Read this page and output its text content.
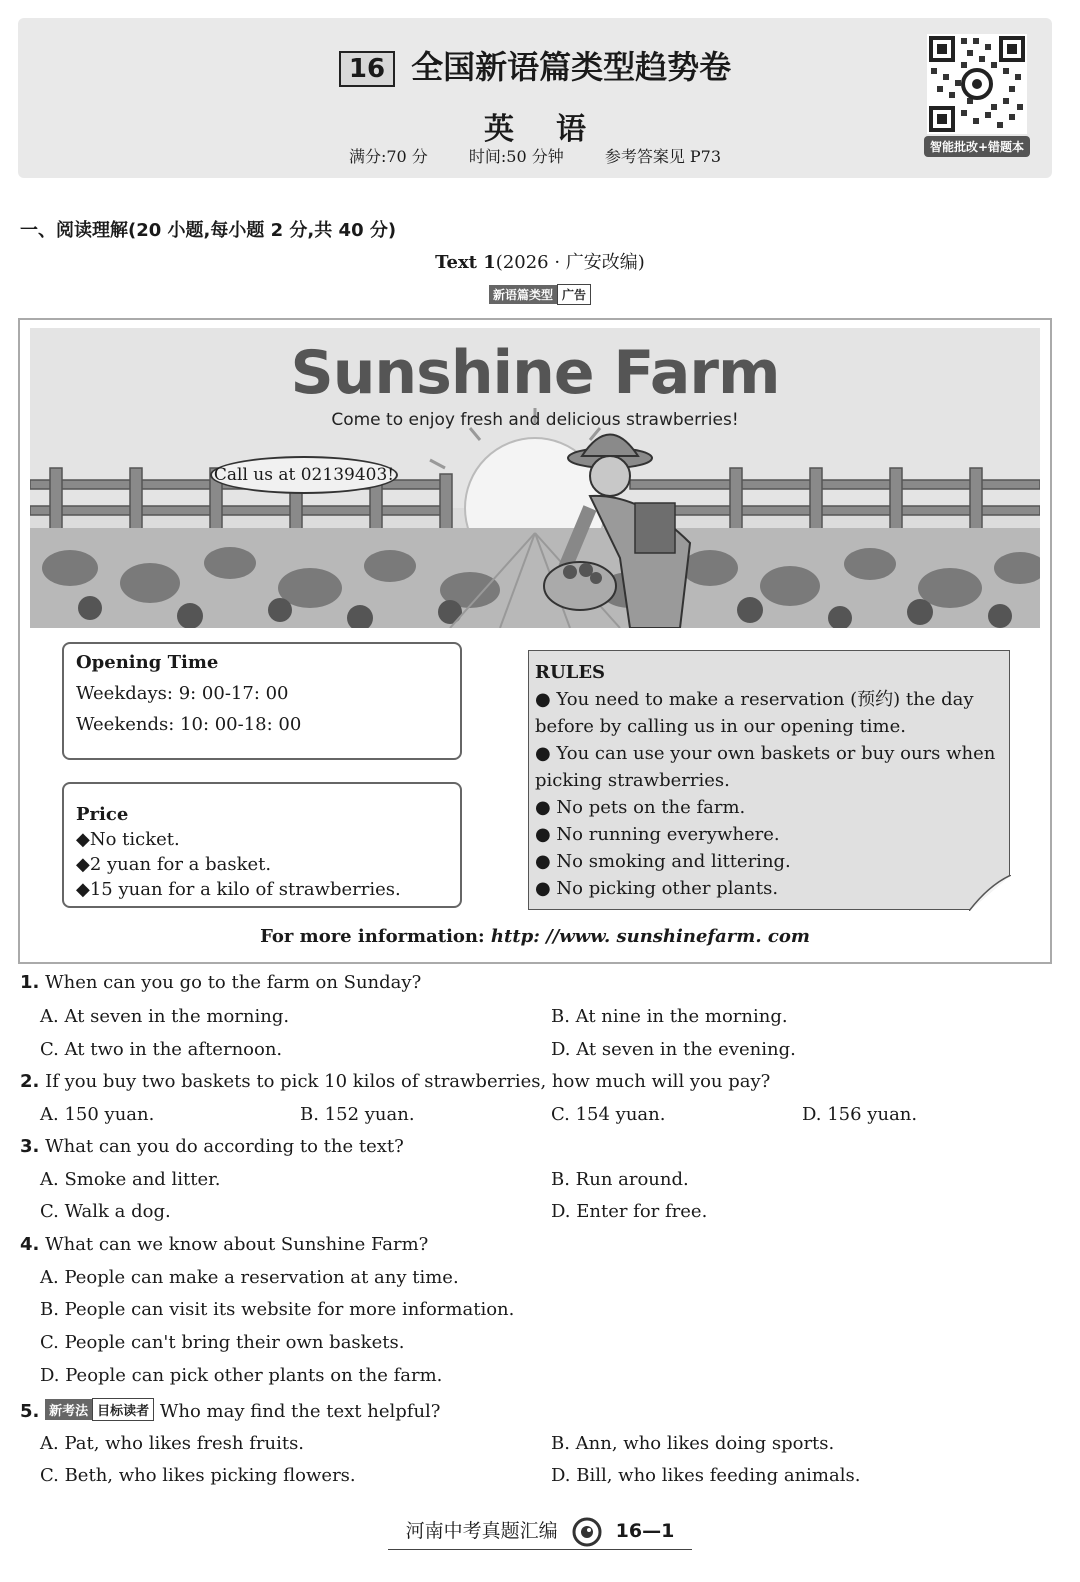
16 全国新语篇类型趋势卷
英语
满分:70 分	时间:50 分钟	参考答案见 P73	智能批改+错题本
一、阅读理解(20 小题,每小题 2 分,共 40 分)
Text 1(2026 · 广安改编)
新语篇类型 广告
Sunshine Farm
Come to enjoy fresh and delicious strawberries!
Call us at 02139403!
Opening Time
Weekdays: 9: 00-17: 00
Weekends: 10: 00-18: 00
Price
◆No ticket.
◆2 yuan for a basket.
◆15 yuan for a kilo of strawberries.
RULES
● You need to make a reservation (预约) the day before by calling us in our opening time.
● You can use your own baskets or buy ours when picking strawberries.
● No pets on the farm.
● No running everywhere.
● No smoking and littering.
● No picking other plants.
For more information: http: //www. sunshinefarm. com
1. When can you go to the farm on Sunday?
A. At seven in the morning.	B. At nine in the morning.
C. At two in the afternoon.	D. At seven in the evening.
2. If you buy two baskets to pick 10 kilos of strawberries, how much will you pay?
A. 150 yuan.	B. 152 yuan.	C. 154 yuan.	D. 156 yuan.
3. What can you do according to the text?
A. Smoke and litter.	B. Run around.
C. Walk a dog.	D. Enter for free.
4. What can we know about Sunshine Farm?
A. People can make a reservation at any time.
B. People can visit its website for more information.
C. People can't bring their own baskets.
D. People can pick other plants on the farm.
5. 新考法 目标读者 Who may find the text helpful?
A. Pat, who likes fresh fruits.	B. Ann, who likes doing sports.
C. Beth, who likes picking flowers.	D. Bill, who likes feeding animals.
河南中考真题汇编	16—1
